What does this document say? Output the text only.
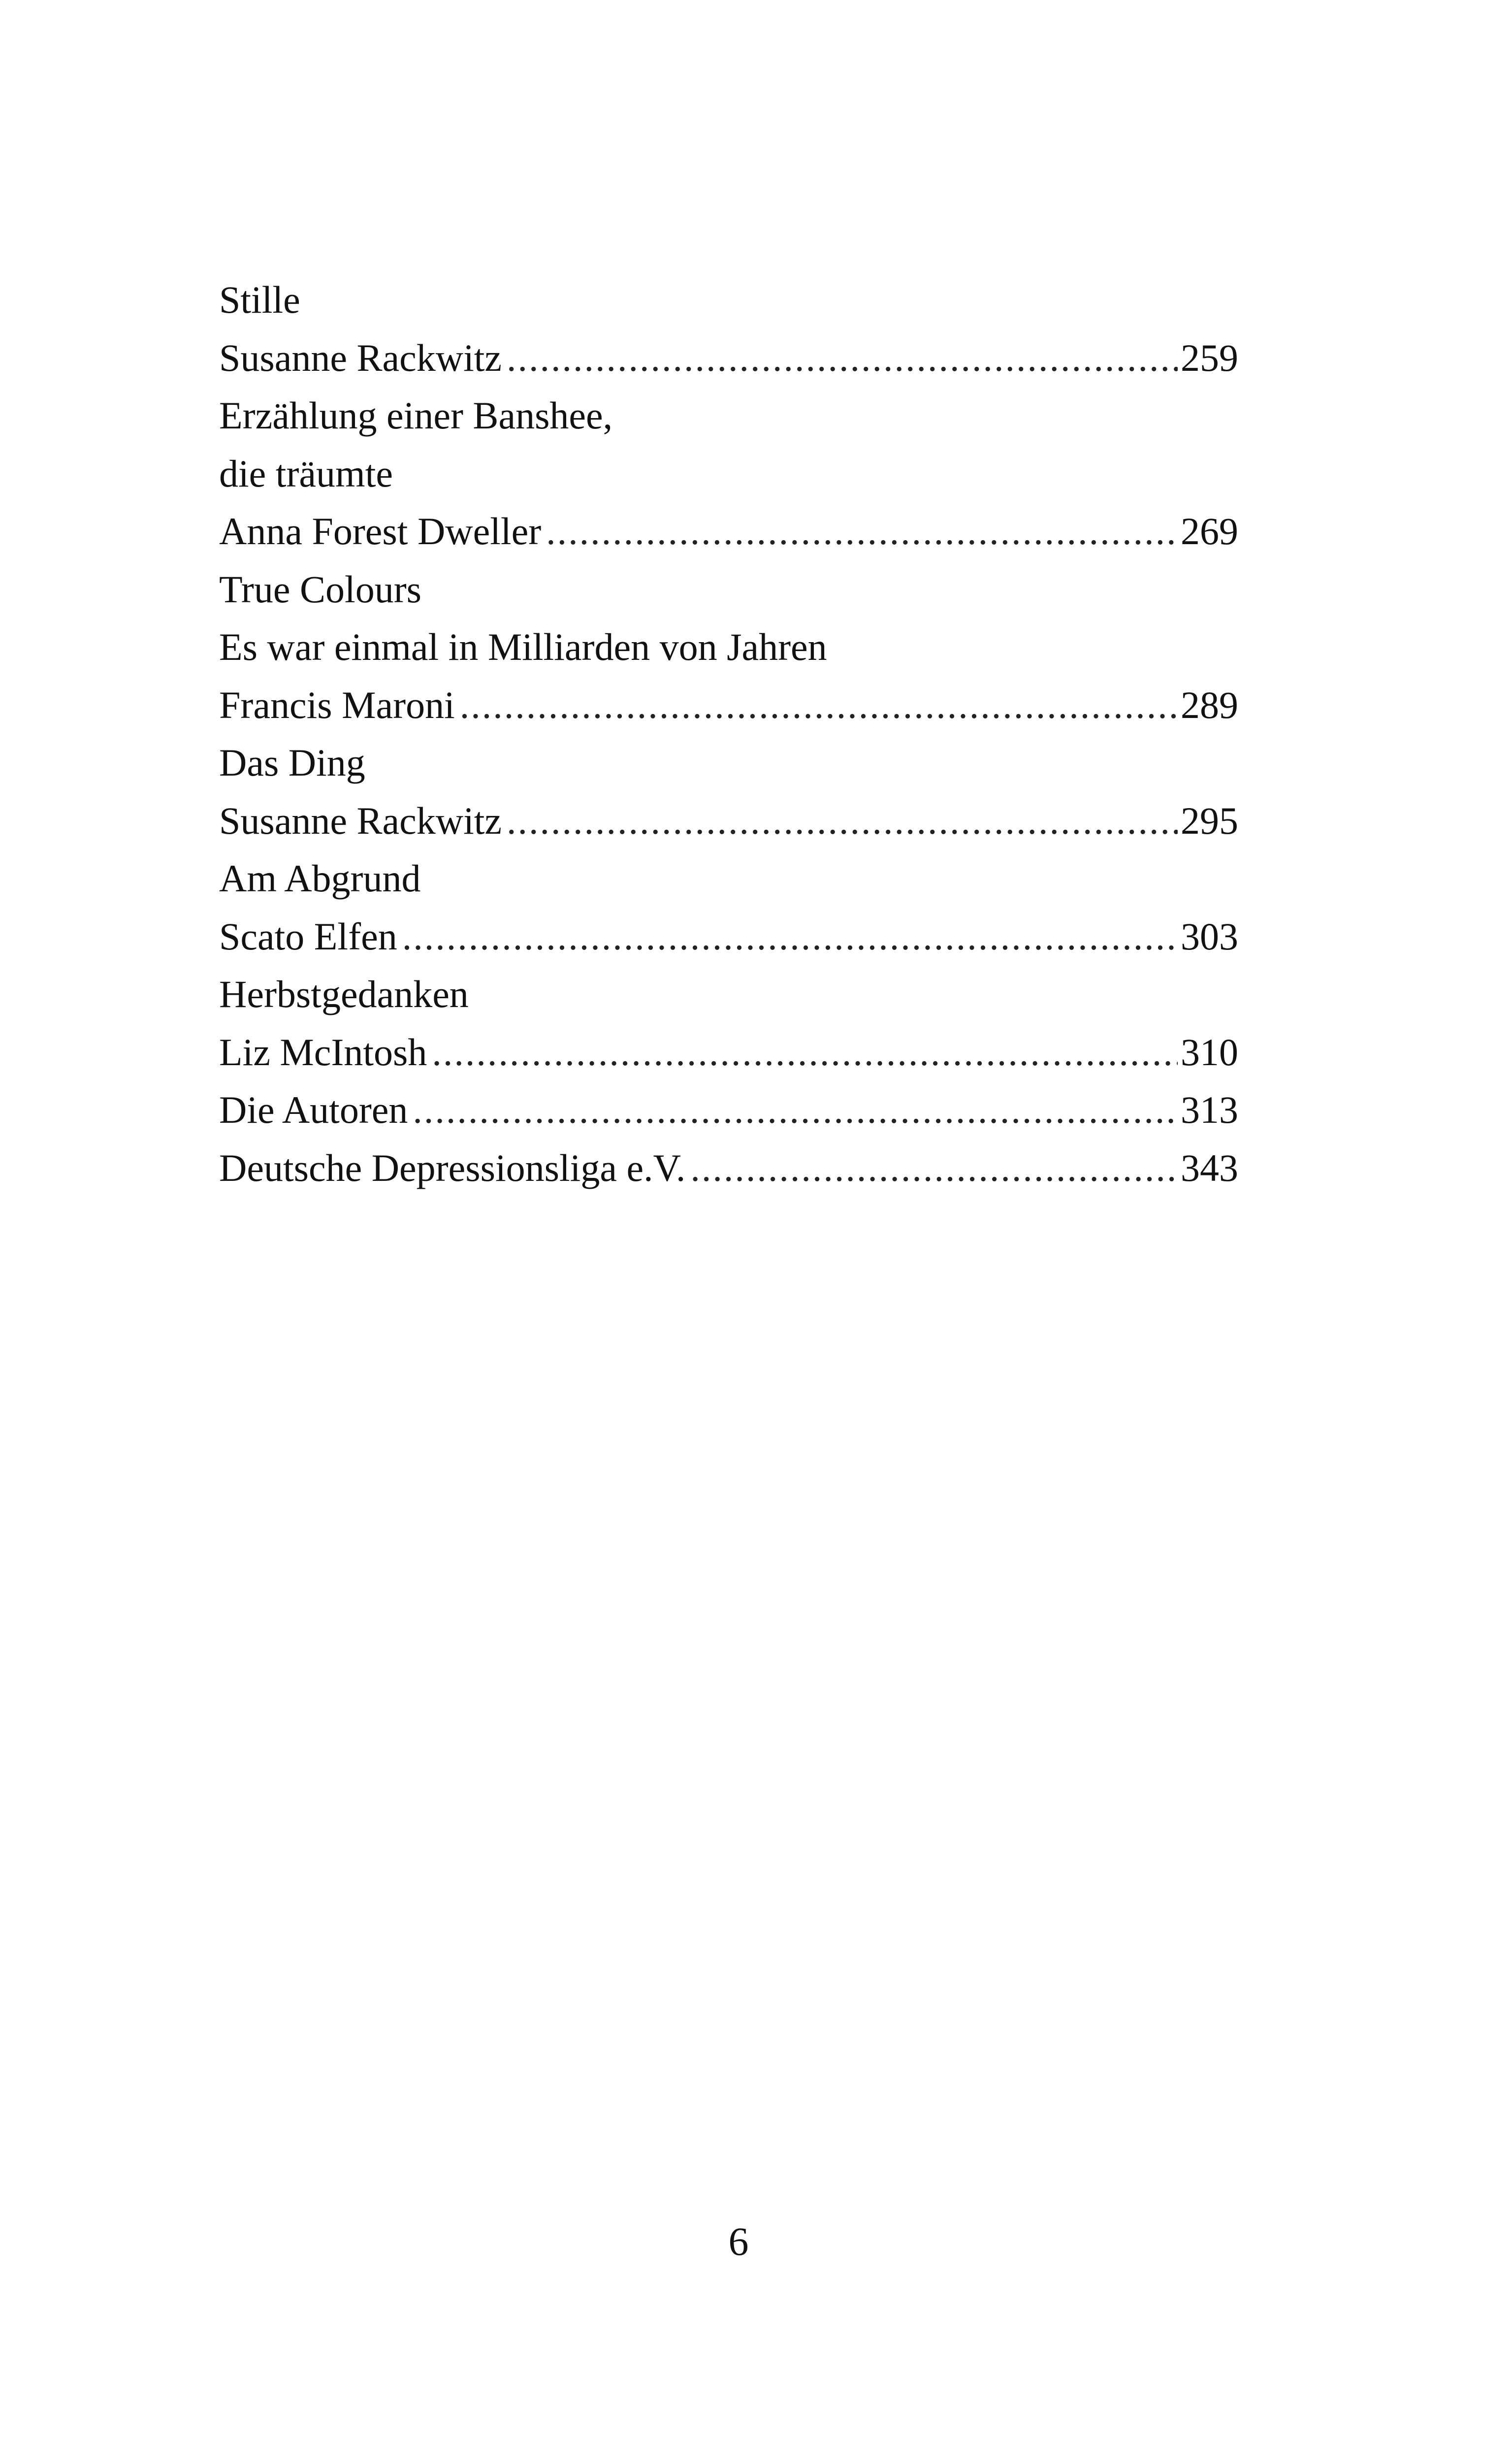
Stille
Susanne Rackwitz .....	259
Erzählung einer Banshee,
die träumte
Anna Forest Dweller .....	269
True Colours
Es war einmal in Milliarden von Jahren
Francis Maroni .....	289
Das Ding
Susanne Rackwitz .....	295
Am Abgrund
Scato Elfen .....	303
Herbstgedanken
Liz McIntosh .....	310
Die Autoren .....	313
Deutsche Depressionsliga e.V. .....	343
6
